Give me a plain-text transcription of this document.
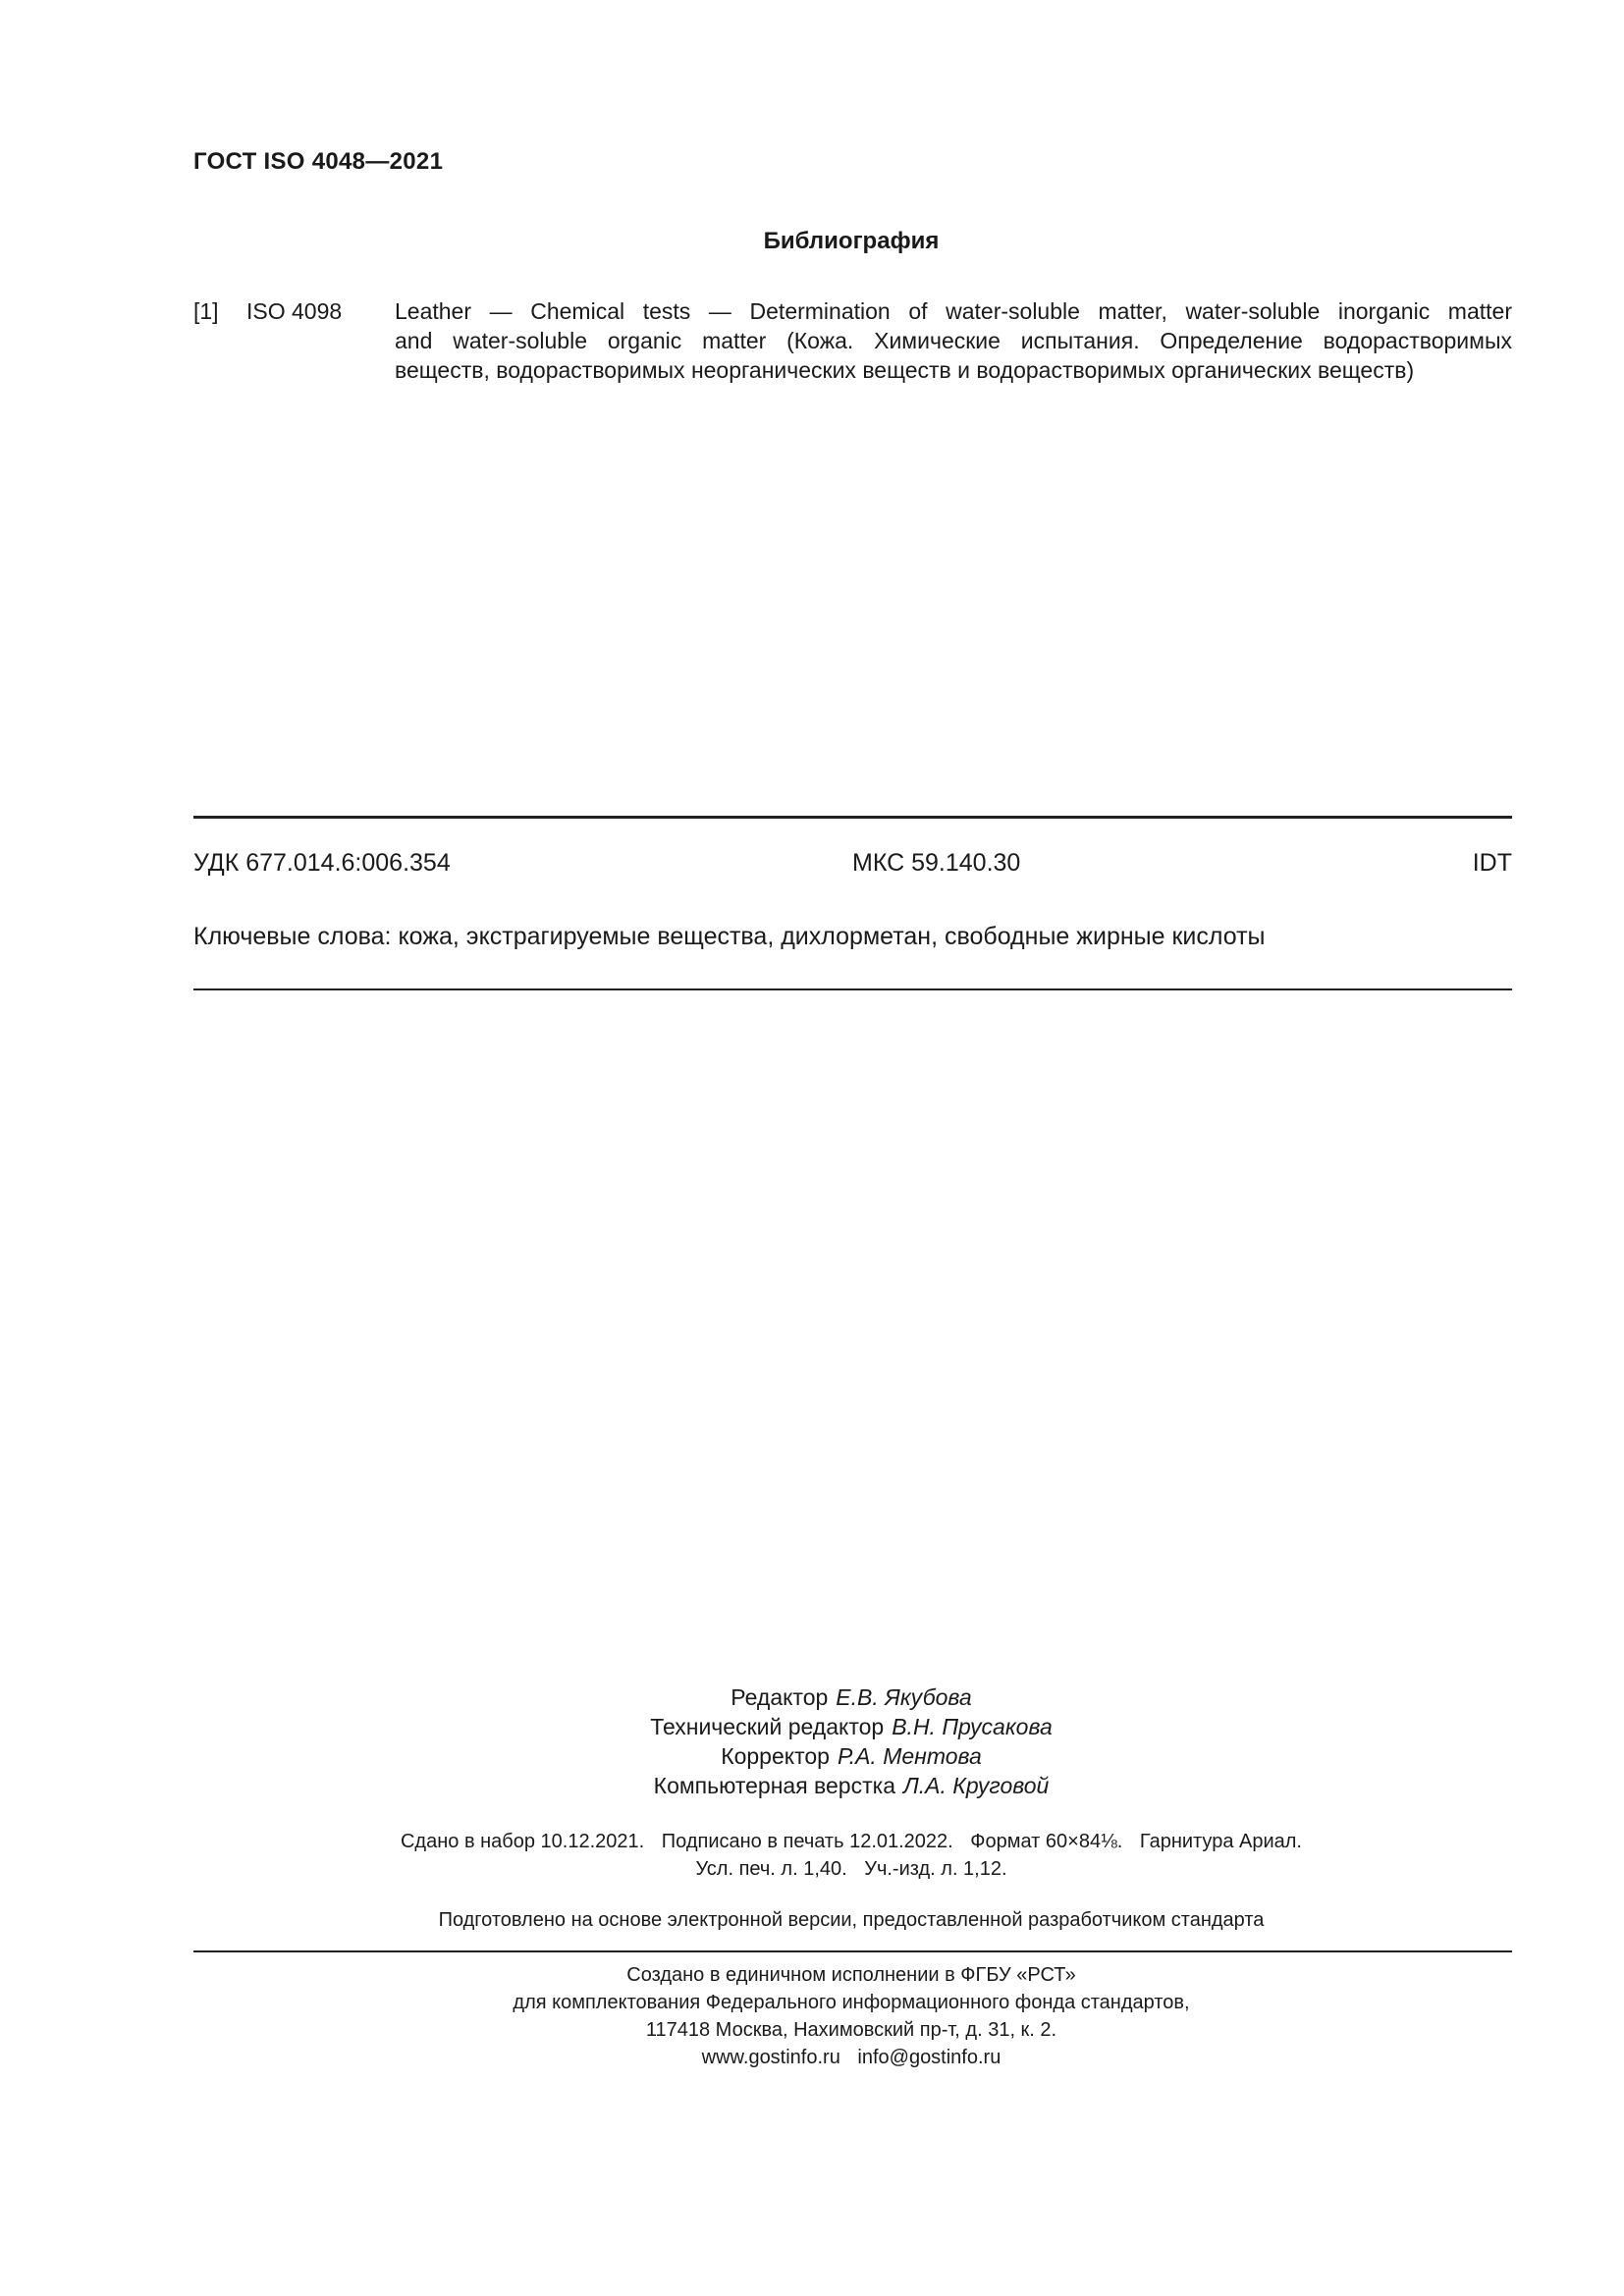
ГОСТ ISO 4048—2021
Библиография
[1] ISO 4098 Leather — Chemical tests — Determination of water-soluble matter, water-soluble inorganic matter
and water-soluble organic matter (Кожа. Химические испытания. Определение водорастворимых
веществ, водорастворимых неорганических веществ и водорастворимых органических веществ)
УДК 677.014.6:006.354	МКС 59.140.30	IDT
Ключевые слова: кожа, экстрагируемые вещества, дихлорметан, свободные жирные кислоты
Редактор Е.В. Якубова
Технический редактор В.Н. Прусакова
Корректор Р.А. Ментова
Компьютерная верстка Л.А. Круговой
Сдано в набор 10.12.2021. Подписано в печать 12.01.2022. Формат 60×84⅛. Гарнитура Ариал.
Усл. печ. л. 1,40. Уч.-изд. л. 1,12.
Подготовлено на основе электронной версии, предоставленной разработчиком стандарта
Создано в единичном исполнении в ФГБУ «РСТ»
для комплектования Федерального информационного фонда стандартов,
117418 Москва, Нахимовский пр-т, д. 31, к. 2.
www.gostinfo.ru info@gostinfo.ru
